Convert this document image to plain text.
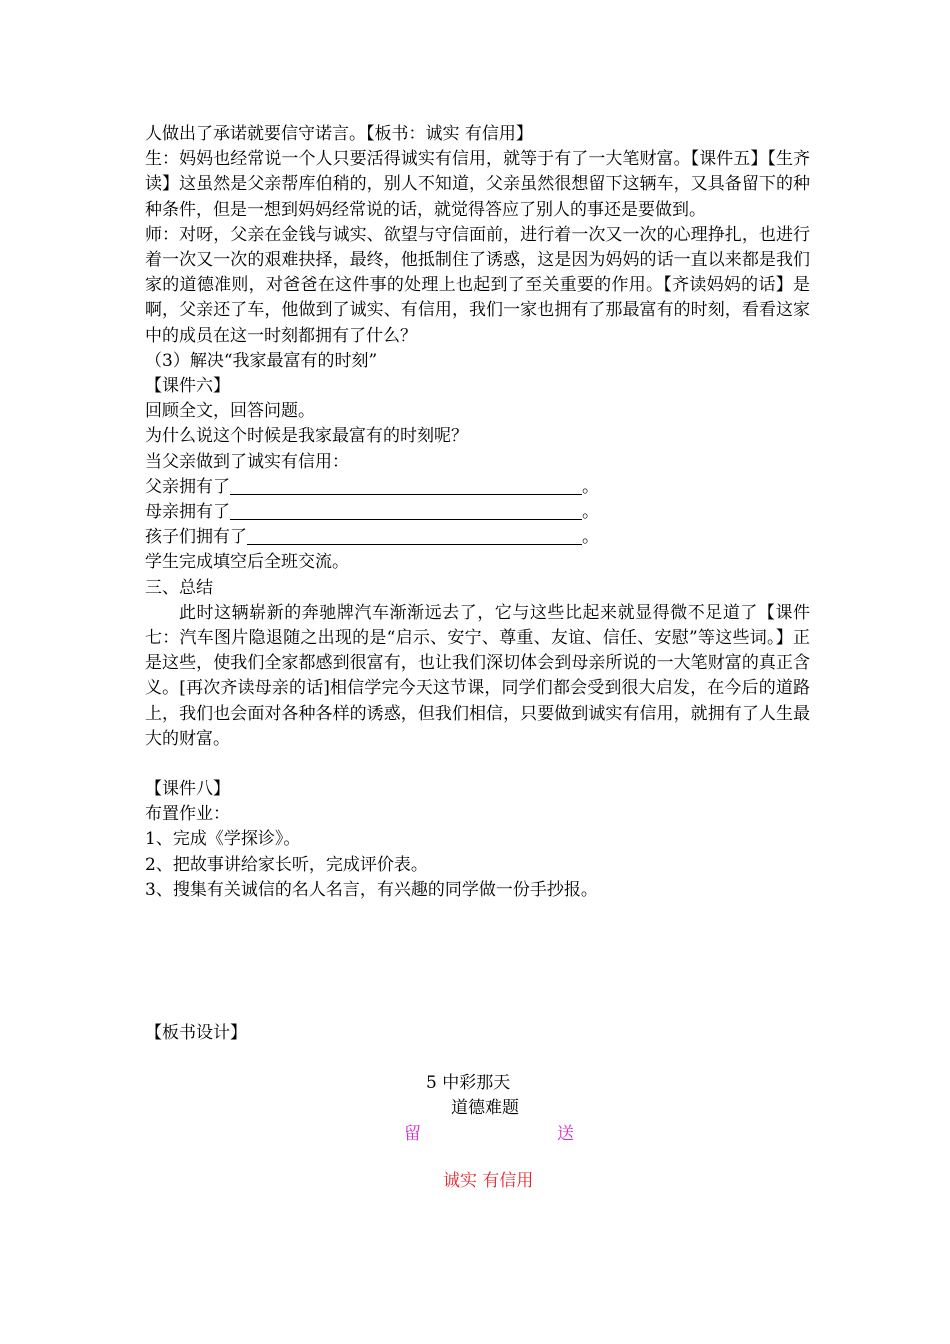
人做出了承诺就要信守诺言。【板书：诚实 有信用】

生：妈妈也经常说一个人只要活得诚实有信用，就等于有了一大笔财富。【课件五】【生齐读】这虽然是父亲帮库伯稍的，别人不知道，父亲虽然很想留下这辆车，又具备留下的种种条件，但是一想到妈妈经常说的话，就觉得答应了别人的事还是要做到。

师：对呀，父亲在金钱与诚实、欲望与守信面前，进行着一次又一次的心理挣扎，也进行着一次又一次的艰难抉择，最终，他抵制住了诱惑，这是因为妈妈的话一直以来都是我们家的道德准则，对爸爸在这件事的处理上也起到了至关重要的作用。【齐读妈妈的话】是啊，父亲还了车，他做到了诚实、有信用，我们一家也拥有了那最富有的时刻，看看这家中的成员在这一时刻都拥有了什么？

（3）解决“我家最富有的时刻”

【课件六】

回顾全文，回答问题。

为什么说这个时候是我家最富有的时刻呢？

当父亲做到了诚实有信用：

父亲拥有了	。

母亲拥有了	。

孩子们拥有了	。

学生完成填空后全班交流。

三、总结

此时这辆崭新的奔驰牌汽车渐渐远去了，它与这些比起来就显得微不足道了【课件七：汽车图片隐退随之出现的是“启示、安宁、尊重、友谊、信任、安慰”等这些词。】正是这些，使我们全家都感到很富有，也让我们深切体会到母亲所说的一大笔财富的真正含义。[再次齐读母亲的话]相信学完今天这节课，同学们都会受到很大启发，在今后的道路上，我们也会面对各种各样的诱惑，但我们相信，只要做到诚实有信用，就拥有了人生最大的财富。

【课件八】

布置作业：

1、完成《学探诊》。

2、把故事讲给家长听，完成评价表。

3、搜集有关诚信的名人名言，有兴趣的同学做一份手抄报。

【板书设计】
5 中彩那天
道德难题
留	送
诚实 有信用
